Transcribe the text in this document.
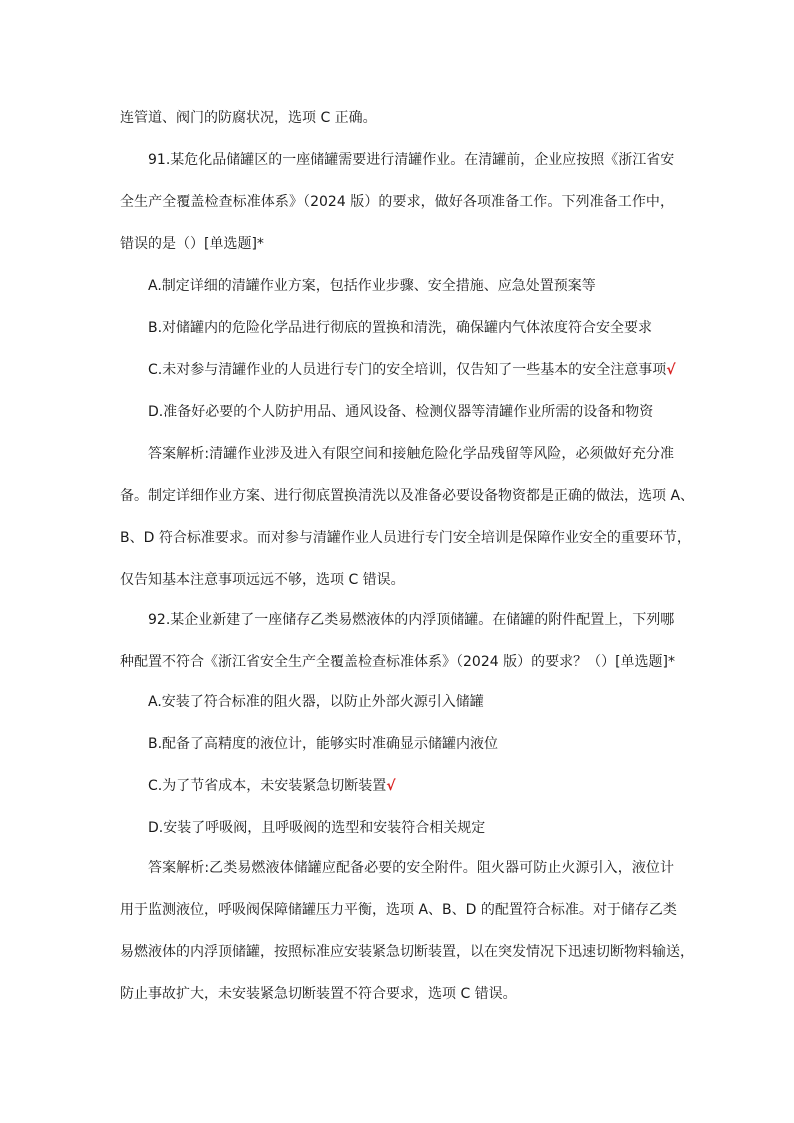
连管道、阀门的防腐状况，选项 C 正确。
91.某危化品储罐区的一座储罐需要进行清罐作业。在清罐前，企业应按照《浙江省安
全生产全覆盖检查标准体系》（2024 版）的要求，做好各项准备工作。下列准备工作中，
错误的是（）[单选题]*
A.制定详细的清罐作业方案，包括作业步骤、安全措施、应急处置预案等
B.对储罐内的危险化学品进行彻底的置换和清洗，确保罐内气体浓度符合安全要求
C.未对参与清罐作业的人员进行专门的安全培训，仅告知了一些基本的安全注意事项√
D.准备好必要的个人防护用品、通风设备、检测仪器等清罐作业所需的设备和物资
答案解析:清罐作业涉及进入有限空间和接触危险化学品残留等风险，必须做好充分准
备。制定详细作业方案、进行彻底置换清洗以及准备必要设备物资都是正确的做法，选项 A、
B、D 符合标准要求。而对参与清罐作业人员进行专门安全培训是保障作业安全的重要环节，
仅告知基本注意事项远远不够，选项 C 错误。
92.某企业新建了一座储存乙类易燃液体的内浮顶储罐。在储罐的附件配置上，下列哪
种配置不符合《浙江省安全生产全覆盖检查标准体系》（2024 版）的要求？（）[单选题]*
A.安装了符合标准的阻火器，以防止外部火源引入储罐
B.配备了高精度的液位计，能够实时准确显示储罐内液位
C.为了节省成本，未安装紧急切断装置√
D.安装了呼吸阀，且呼吸阀的选型和安装符合相关规定
答案解析:乙类易燃液体储罐应配备必要的安全附件。阻火器可防止火源引入，液位计
用于监测液位，呼吸阀保障储罐压力平衡，选项 A、B、D 的配置符合标准。对于储存乙类
易燃液体的内浮顶储罐，按照标准应安装紧急切断装置，以在突发情况下迅速切断物料输送，
防止事故扩大，未安装紧急切断装置不符合要求，选项 C 错误。
